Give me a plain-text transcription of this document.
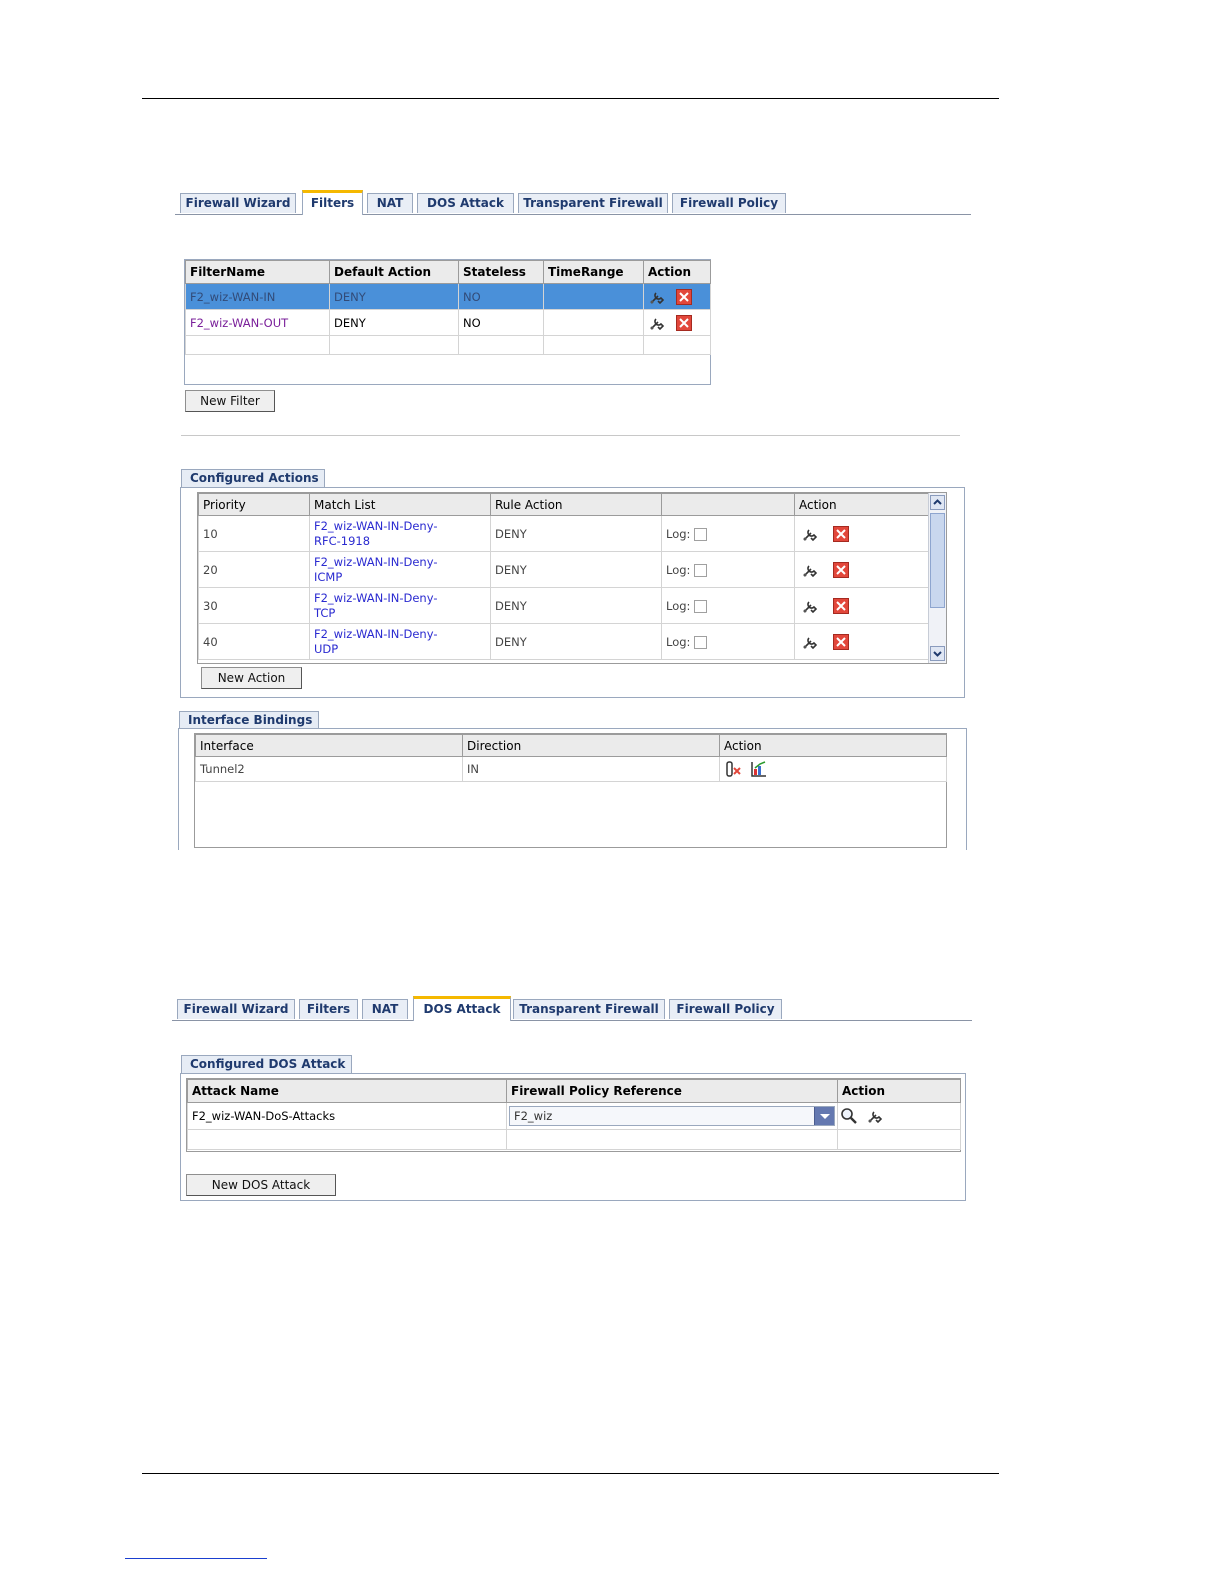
Firewall Wizard	Filters	NAT	DOS Attack	Transparent Firewall	Firewall Policy
FilterName	Default Action	Stateless	TimeRange	Action
F2_wiz-WAN-IN	DENY	NO		
F2_wiz-WAN-OUT	DENY	NO		

New Filter
Configured Actions
Priority	Match List	Rule Action		Action
10	F2_wiz-WAN-IN-Deny-
RFC-1918	DENY	Log:	
20	F2_wiz-WAN-IN-Deny-
ICMP	DENY	Log:	
30	F2_wiz-WAN-IN-Deny-
TCP	DENY	Log:	
40	F2_wiz-WAN-IN-Deny-
UDP	DENY	Log:	
New Action
Interface Bindings
Interface	Direction	Action
Tunnel2	IN	
Firewall Wizard	Filters	NAT	DOS Attack	Transparent Firewall	Firewall Policy
Configured DOS Attack
Attack Name	Firewall Policy Reference	Action
F2_wiz-WAN-DoS-Attacks	F2_wiz

New DOS Attack
